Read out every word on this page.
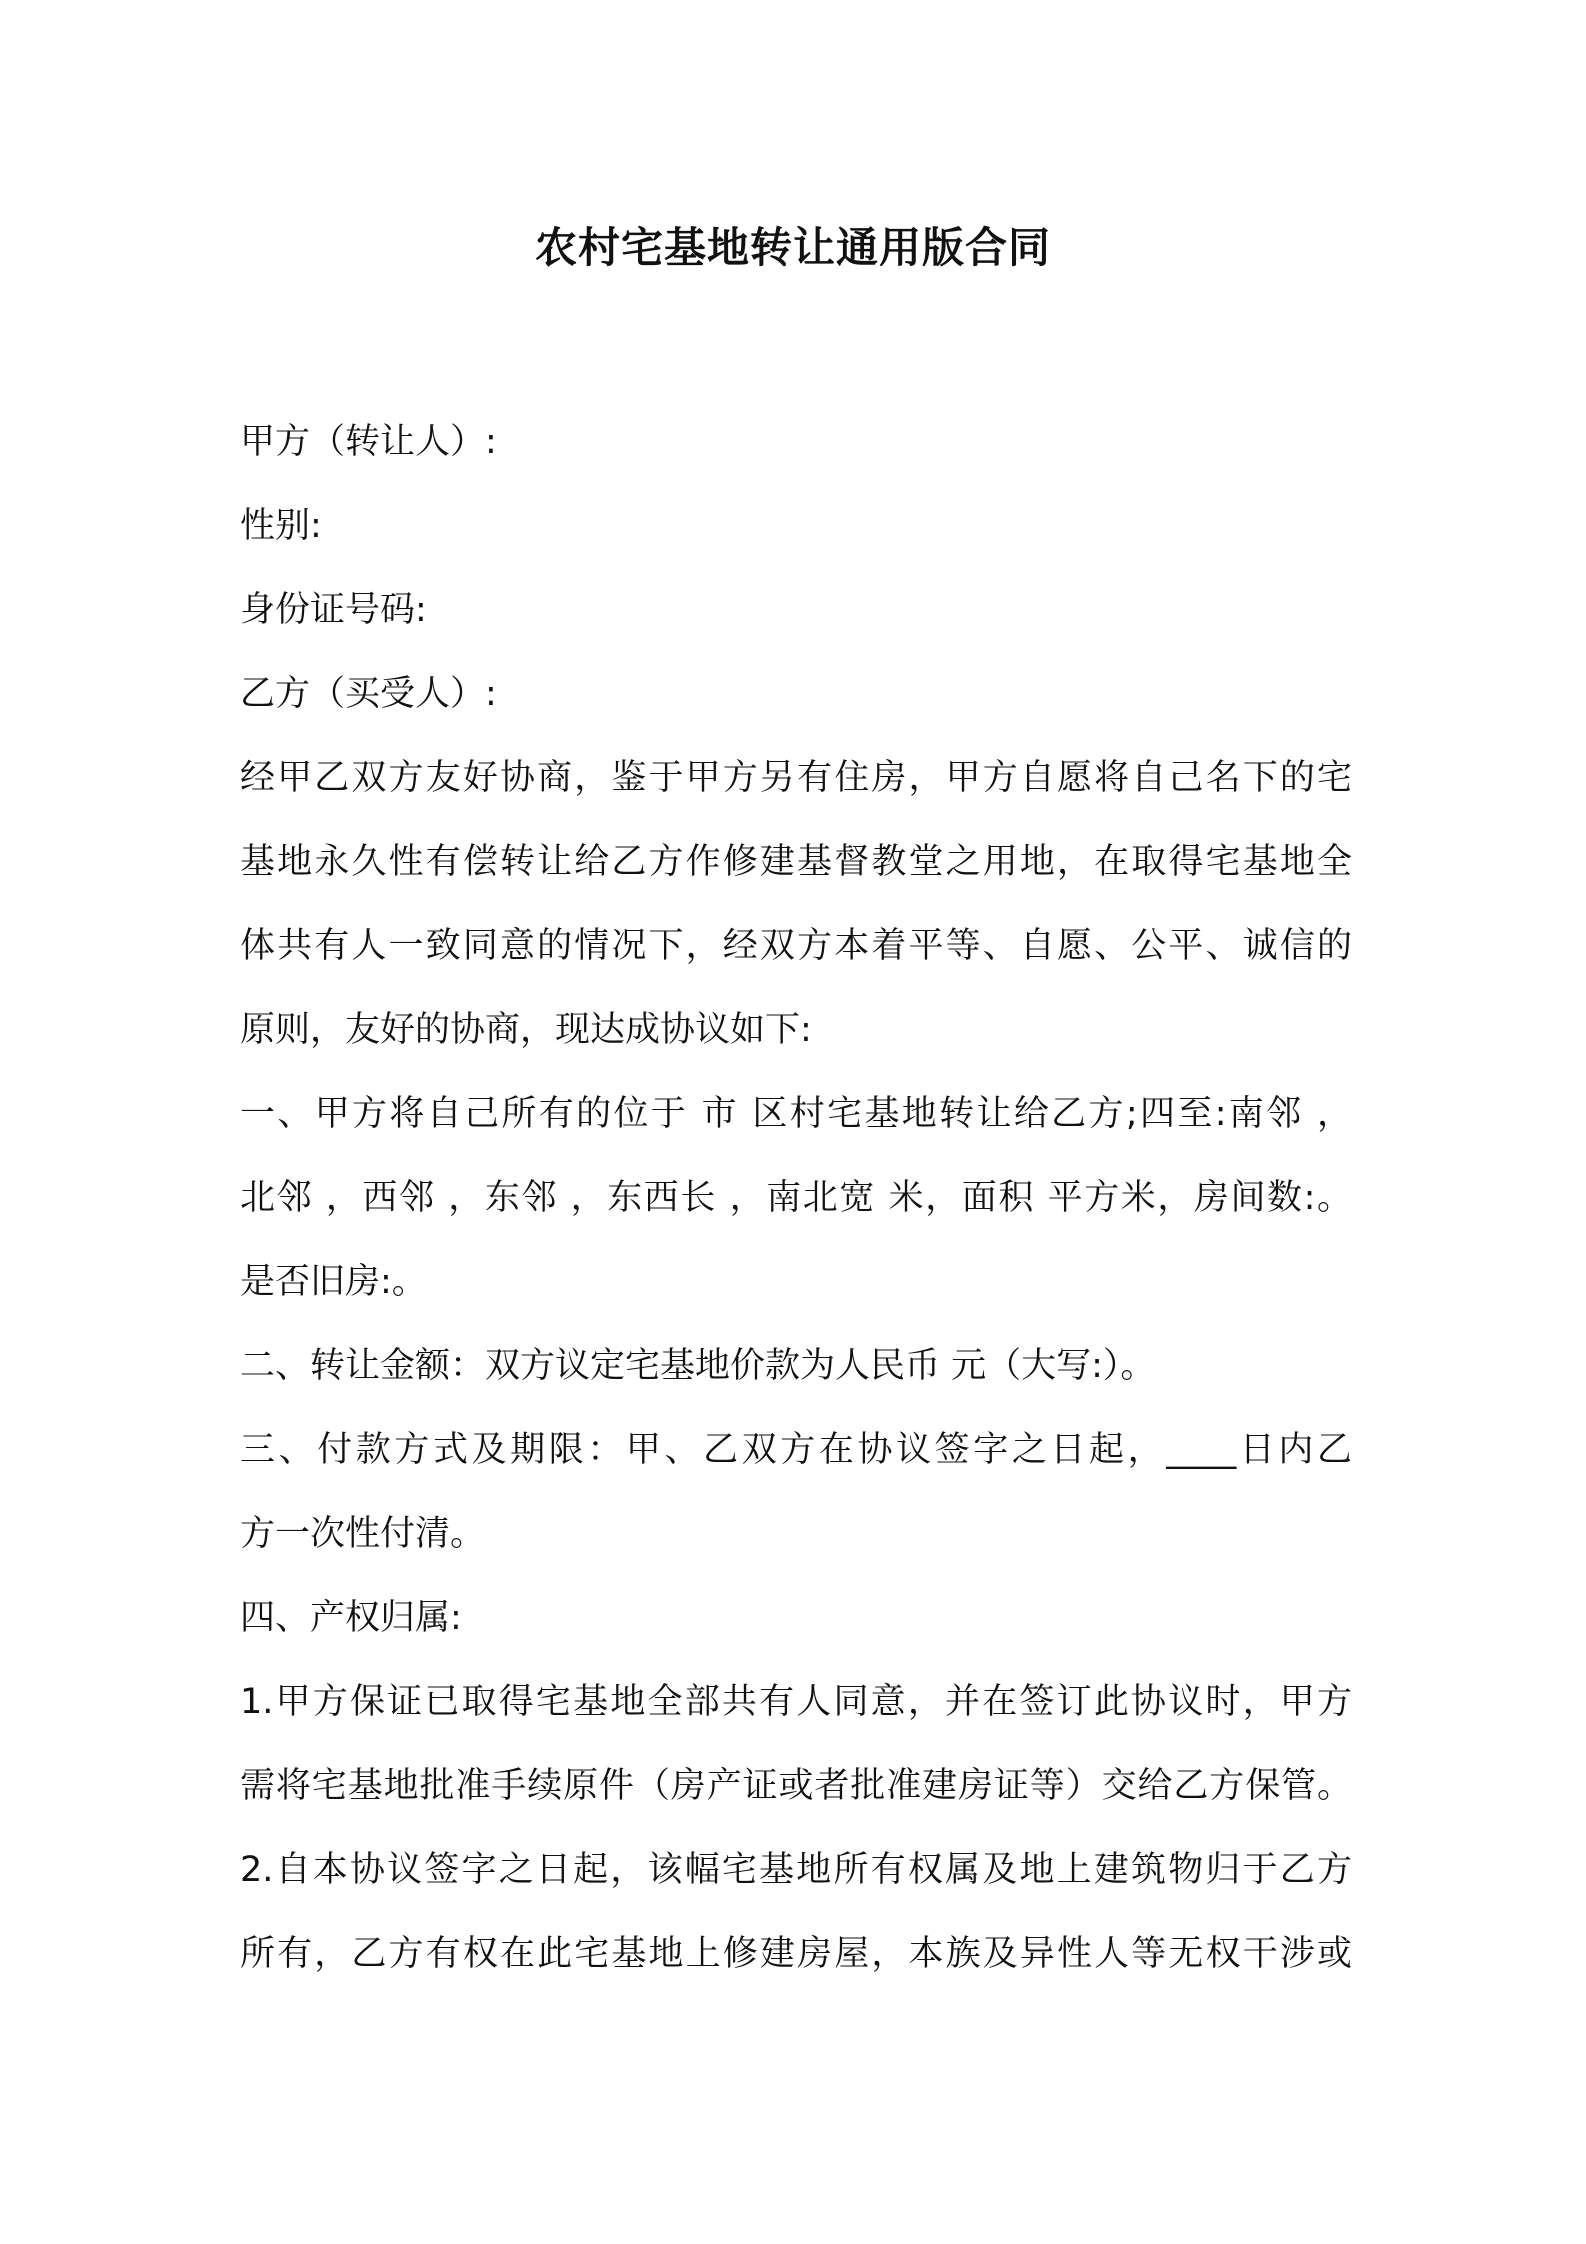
农村宅基地转让通用版合同
甲方（转让人）:
性别:
身份证号码:
乙方（买受人）:
经甲乙双方友好协商，鉴于甲方另有住房，甲方自愿将自己名下的宅
基地永久性有偿转让给乙方作修建基督教堂之用地，在取得宅基地全
体共有人一致同意的情况下，经双方本着平等、自愿、公平、诚信的
原则，友好的协商，现达成协议如下:
一、甲方将自己所有的位于 市 区村宅基地转让给乙方;四至:南邻 ，
北邻 ，西邻 ，东邻 ，东西长 ，南北宽 米，面积 平方米，房间数:。
是否旧房:。
二、转让金额：双方议定宅基地价款为人民币 元（大写:）。
三、付款方式及期限：甲、乙双方在协议签字之日起，____日内乙
方一次性付清。
四、产权归属:
1.甲方保证已取得宅基地全部共有人同意，并在签订此协议时，甲方
需将宅基地批准手续原件（房产证或者批准建房证等）交给乙方保管。
2.自本协议签字之日起，该幅宅基地所有权属及地上建筑物归于乙方
所有，乙方有权在此宅基地上修建房屋，本族及异性人等无权干涉或
